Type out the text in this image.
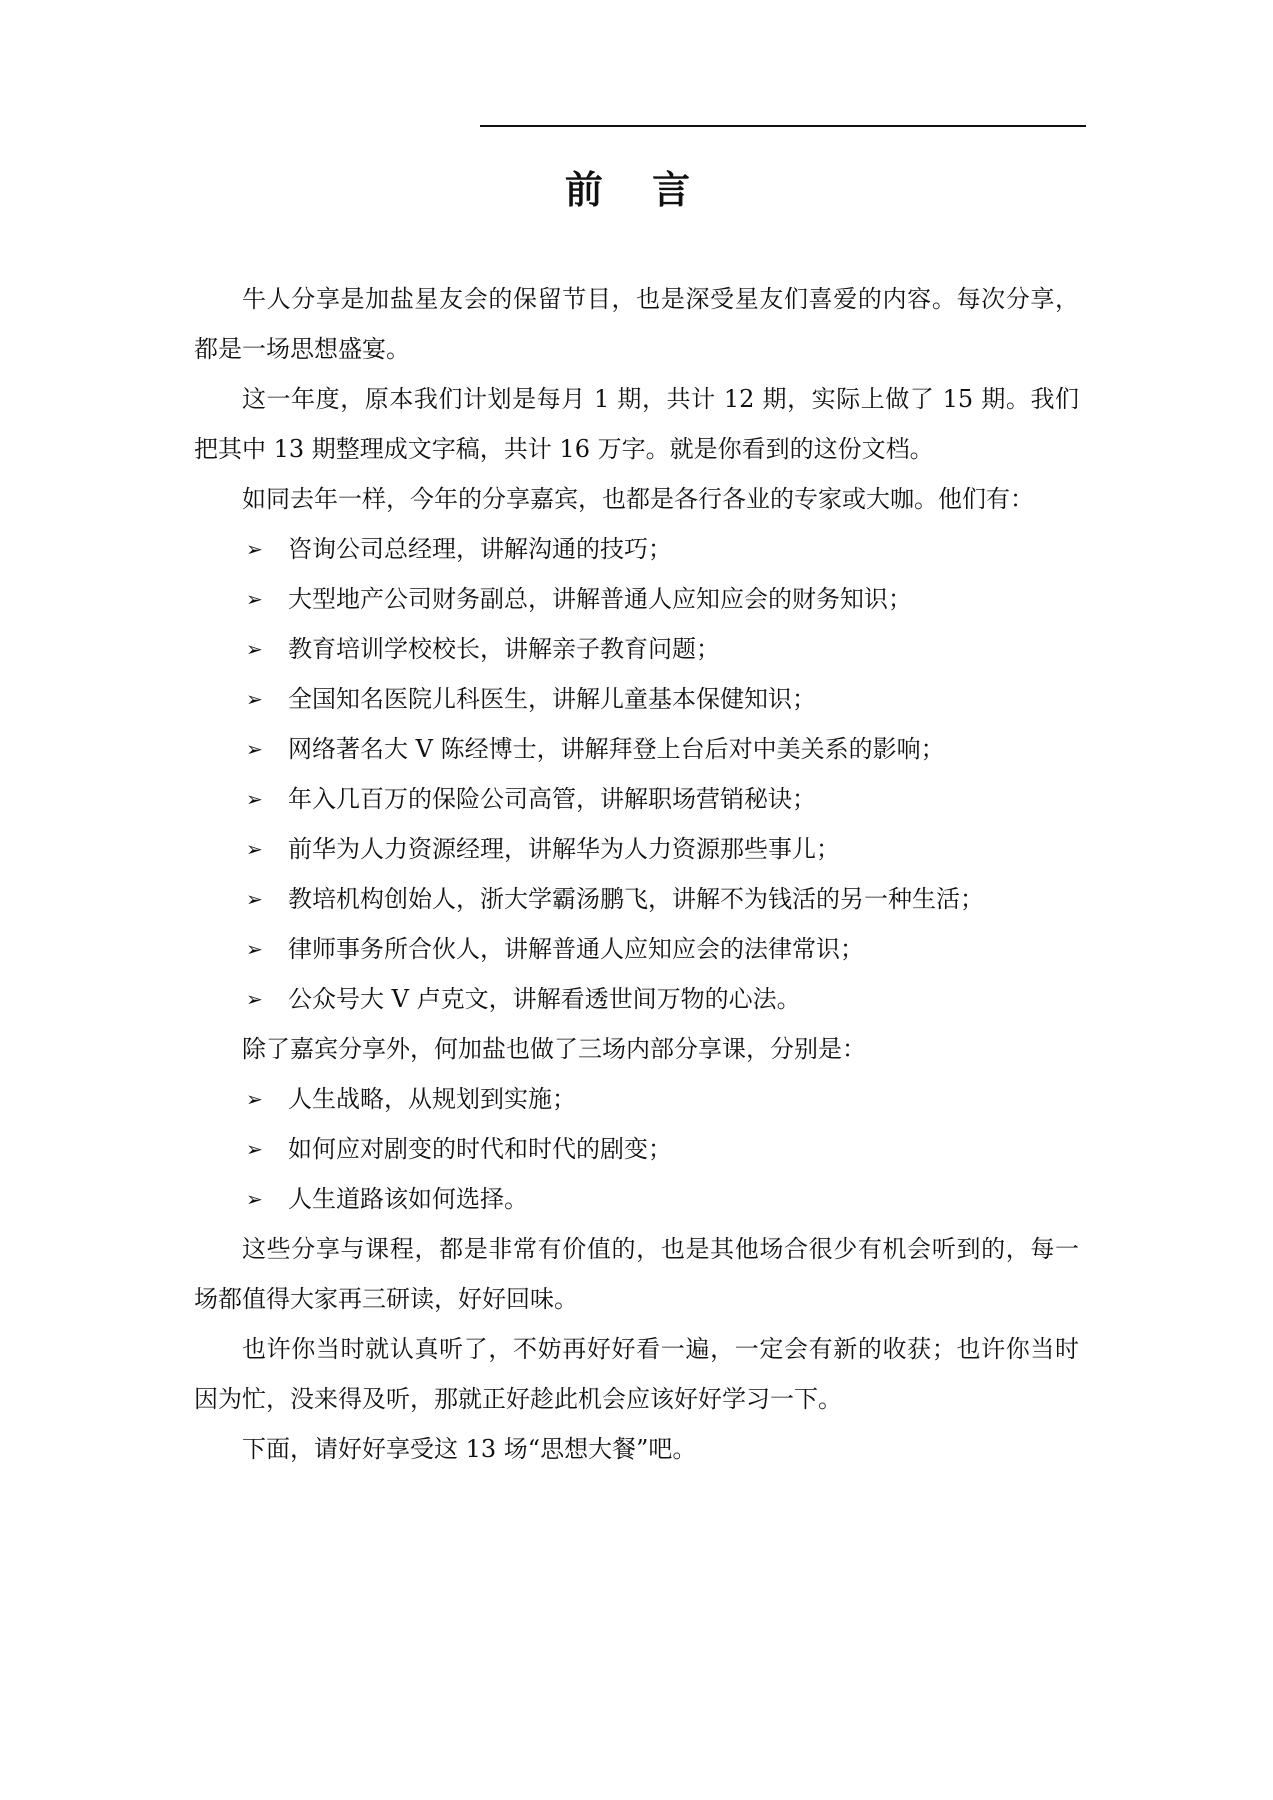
前 言

牛人分享是加盐星友会的保留节目，也是深受星友们喜爱的内容。每次分享，都是一场思想盛宴。

这一年度，原本我们计划是每月 1 期，共计 12 期，实际上做了 15 期。我们把其中 13 期整理成文字稿，共计 16 万字。就是你看到的这份文档。

如同去年一样，今年的分享嘉宾，也都是各行各业的专家或大咖。他们有：

➢	咨询公司总经理，讲解沟通的技巧；
➢	大型地产公司财务副总，讲解普通人应知应会的财务知识；
➢	教育培训学校校长，讲解亲子教育问题；
➢	全国知名医院儿科医生，讲解儿童基本保健知识；
➢	网络著名大 V 陈经博士，讲解拜登上台后对中美关系的影响；
➢	年入几百万的保险公司高管，讲解职场营销秘诀；
➢	前华为人力资源经理，讲解华为人力资源那些事儿；
➢	教培机构创始人，浙大学霸汤鹏飞，讲解不为钱活的另一种生活；
➢	律师事务所合伙人，讲解普通人应知应会的法律常识；
➢	公众号大 V 卢克文，讲解看透世间万物的心法。

除了嘉宾分享外，何加盐也做了三场内部分享课，分别是：

➢	人生战略，从规划到实施；
➢	如何应对剧变的时代和时代的剧变；
➢	人生道路该如何选择。

这些分享与课程，都是非常有价值的，也是其他场合很少有机会听到的，每一场都值得大家再三研读，好好回味。

也许你当时就认真听了，不妨再好好看一遍，一定会有新的收获；也许你当时因为忙，没来得及听，那就正好趁此机会应该好好学习一下。

下面，请好好享受这 13 场“思想大餐”吧。
